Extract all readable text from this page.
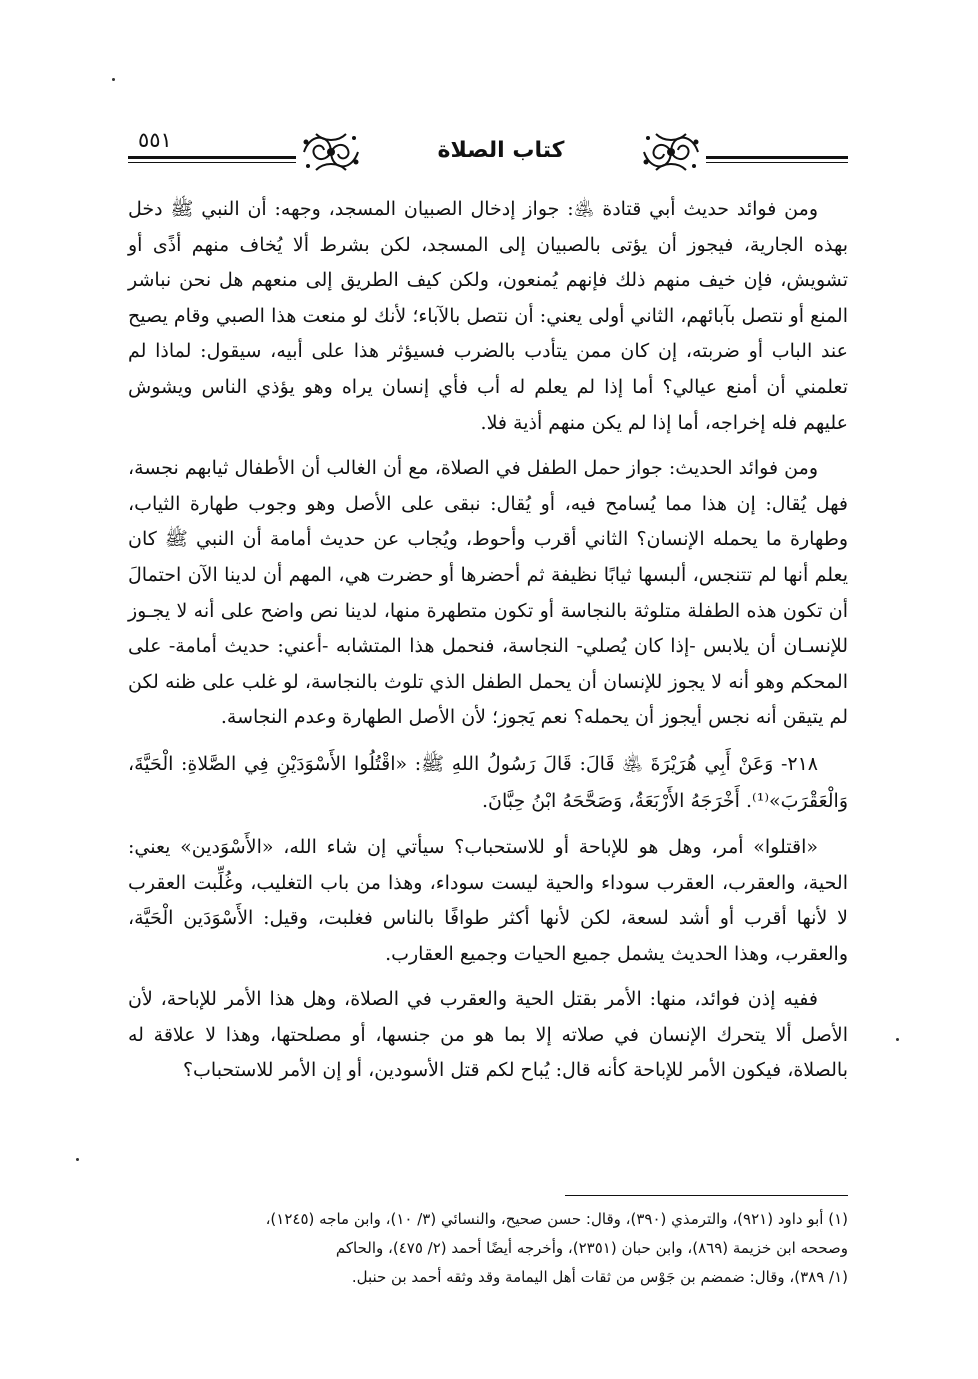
٥٥١	كتاب الصلاة

ومن فوائد حديث أبي قتادة ﵁: جواز إدخال الصبيان المسجد، وجهه: أن النبي ﷺ دخل بهذه الجارية، فيجوز أن يؤتى بالصبيان إلى المسجد، لكن بشرط ألا يُخاف منهم أذًى أو تشويش، فإن خيف منهم ذلك فإنهم يُمنعون، ولكن كيف الطريق إلى منعهم هل نحن نباشر المنع أو نتصل بآبائهم، الثاني أولى يعني: أن نتصل بالآباء؛ لأنك لو منعت هذا الصبي وقام يصيح عند الباب أو ضربته، إن كان ممن يتأدب بالضرب فسيؤثر هذا على أبيه، سيقول: لماذا لم تعلمني أن أمنع عيالي؟ أما إذا لم يعلم له أب فأي إنسان يراه وهو يؤذي الناس ويشوش عليهم فله إخراجه، أما إذا لم يكن منهم أذية فلا.

ومن فوائد الحديث: جواز حمل الطفل في الصلاة، مع أن الغالب أن الأطفال ثيابهم نجسة، فهل يُقال: إن هذا مما يُسامح فيه، أو يُقال: نبقى على الأصل وهو وجوب طهارة الثياب، وطهارة ما يحمله الإنسان؟ الثاني أقرب وأحوط، ويُجاب عن حديث أمامة أن النبي ﷺ كان يعلم أنها لم تتنجس، ألبسها ثيابًا نظيفة ثم أحضرها أو حضرت هي، المهم أن لدينا الآن احتمالَ أن تكون هذه الطفلة متلوثة بالنجاسة أو تكون متطهرة منها، لدينا نص واضح على أنه لا يجـوز للإنسـان أن يلابس -إذا كان يُصلي- النجاسة، فنحمل هذا المتشابه -أعني: حديث أمامة- على المحكم وهو أنه لا يجوز للإنسان أن يحمل الطفل الذي تلوث بالنجاسة، لو غلب على ظنه لكن لم يتيقن أنه نجس أيجوز أن يحمله؟ نعم يَجوز؛ لأن الأصل الطهارة وعدم النجاسة.

٢١٨- وَعَنْ أَبِي هُرَيْرَةَ ﵁ قَالَ: قَالَ رَسُولُ اللهِ ﷺ: «اقْتُلُوا الأَسْوَدَيْنِ فِي الصَّلاةِ: الْحَيَّةَ، وَالْعَقْرَبَ»⁽¹⁾. أَخْرَجَهُ الأَرْبَعَةُ، وَصَحَّحَهُ ابْنُ حِبَّانَ.

«اقتلوا» أمر، وهل هو للإباحة أو للاستحباب؟ سيأتي إن شاء الله، «الأَسْوَدين» يعني: الحية، والعقرب، العقرب سوداء والحية ليست سوداء، وهذا من باب التغليب، وغُلِّبت العقرب لا لأنها أقرب أو أشد لسعة، لكن لأنها أكثر طوافًا بالناس فغلبت، وقيل: الأَسْوَدَين الْحَيَّة، والعقرب، وهذا الحديث يشمل جميع الحيات وجميع العقارب.

ففيه إذن فوائد، منها: الأمر بقتل الحية والعقرب في الصلاة، وهل هذا الأمر للإباحة، لأن الأصل ألا يتحرك الإنسان في صلاته إلا بما هو من جنسها، أو مصلحتها، وهذا لا علاقة له بالصلاة، فيكون الأمر للإباحة كأنه قال: يُباح لكم قتل الأسودين، أو إن الأمر للاستحباب؟

(١) أبو داود (٩٢١)، والترمذي (٣٩٠)، وقال: حسن صحيح، والنسائي (٣/ ١٠)، وابن ماجه (١٢٤٥)،

وصححه ابن خزيمة (٨٦٩)، وابن حبان (٢٣٥١)، وأخرجه أيضًا أحمد (٢/ ٤٧٥)، والحاكم

(١/ ٣٨٩)، وقال: ضمضم بن جَوْس من ثقات أهل اليمامة وقد وثقه أحمد بن حنبل.
